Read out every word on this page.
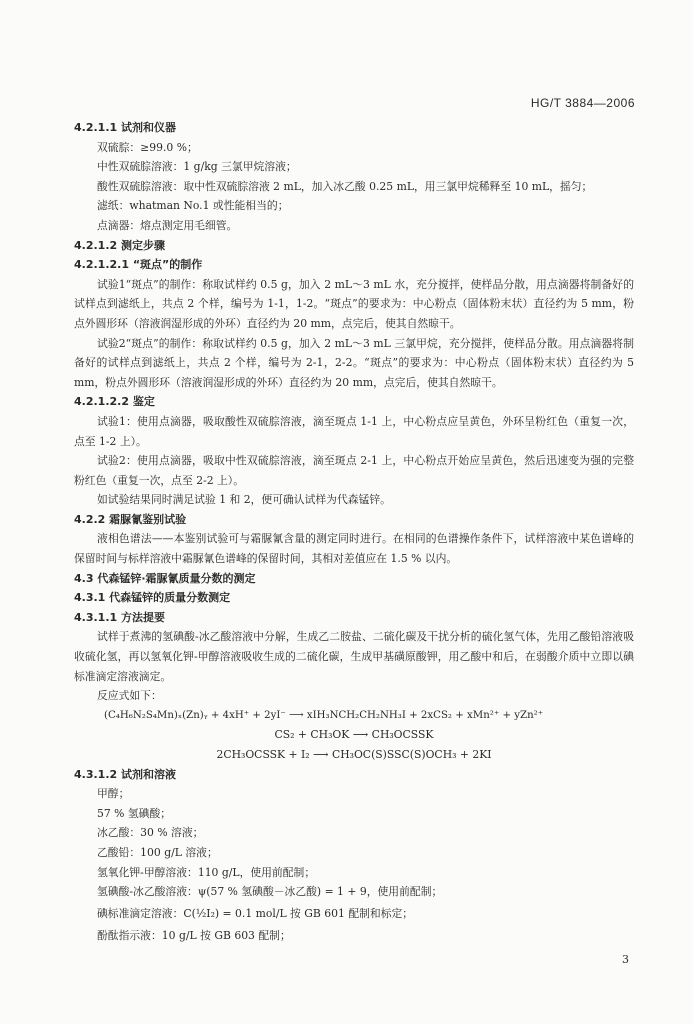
HG/T 3884—2006
4.2.1.1 试剂和仪器
双硫腙：≥99.0 %；
中性双硫腙溶液：1 g/kg 三氯甲烷溶液；
酸性双硫腙溶液：取中性双硫腙溶液 2 mL，加入冰乙酸 0.25 mL，用三氯甲烷稀释至 10 mL，摇匀；
滤纸：whatman No.1 或性能相当的；
点滴器：熔点测定用毛细管。
4.2.1.2 测定步骤
4.2.1.2.1 “斑点”的制作
试验1“斑点”的制作：称取试样约 0.5 g，加入 2 mL～3 mL 水，充分搅拌，使样品分散，用点滴器将制备好的试样点到滤纸上，共点 2 个样，编号为 1-1，1-2。“斑点”的要求为：中心粉点（固体粉末状）直径约为 5 mm，粉点外圆形环（溶液润湿形成的外环）直径约为 20 mm，点完后，使其自然晾干。
试验2“斑点”的制作：称取试样约 0.5 g，加入 2 mL～3 mL 三氯甲烷，充分搅拌，使样品分散。用点滴器将制备好的试样点到滤纸上，共点 2 个样，编号为 2-1，2-2。“斑点”的要求为：中心粉点（固体粉末状）直径约为 5 mm，粉点外圆形环（溶液润湿形成的外环）直径约为 20 mm，点完后，使其自然晾干。
4.2.1.2.2 鉴定
试验1：使用点滴器，吸取酸性双硫腙溶液，滴至斑点 1-1 上，中心粉点应呈黄色，外环呈粉红色（重复一次，点至 1-2 上）。
试验2：使用点滴器，吸取中性双硫腙溶液，滴至斑点 2-1 上，中心粉点开始应呈黄色，然后迅速变为强的完整粉红色（重复一次，点至 2-2 上）。
如试验结果同时满足试验 1 和 2，便可确认试样为代森锰锌。
4.2.2 霜脲氰鉴别试验
液相色谱法——本鉴别试验可与霜脲氰含量的测定同时进行。在相同的色谱操作条件下，试样溶液中某色谱峰的保留时间与标样溶液中霜脲氰色谱峰的保留时间，其相对差值应在 1.5 % 以内。
4.3 代森锰锌·霜脲氰质量分数的测定
4.3.1 代森锰锌的质量分数测定
4.3.1.1 方法提要
试样于煮沸的氢碘酸-冰乙酸溶液中分解，生成乙二胺盐、二硫化碳及干扰分析的硫化氢气体，先用乙酸铅溶液吸收硫化氢，再以氢氧化钾-甲醇溶液吸收生成的二硫化碳，生成甲基磺原酸钾，用乙酸中和后，在弱酸介质中立即以碘标准滴定溶液滴定。
反应式如下：
(C₄H₆N₂S₄Mn)ₓ(Zn)ᵧ + 4xH⁺ + 2yI⁻ ⟶ xIH₃NCH₂CH₂NH₃I + 2xCS₂ + xMn²⁺ + yZn²⁺
CS₂ + CH₃OK ⟶ CH₃OCSSK
2CH₃OCSSK + I₂ ⟶ CH₃OC(S)SSC(S)OCH₃ + 2KI
4.3.1.2 试剂和溶液
甲醇；
57 % 氢碘酸；
冰乙酸：30 % 溶液；
乙酸铅：100 g/L 溶液；
氢氧化钾-甲醇溶液：110 g/L，使用前配制；
氢碘酸-冰乙酸溶液：ψ(57 % 氢碘酸－冰乙酸) = 1 + 9，使用前配制；
碘标准滴定溶液：C(½I₂) = 0.1 mol/L 按 GB 601 配制和标定；
酚酞指示液：10 g/L 按 GB 603 配制；
3
